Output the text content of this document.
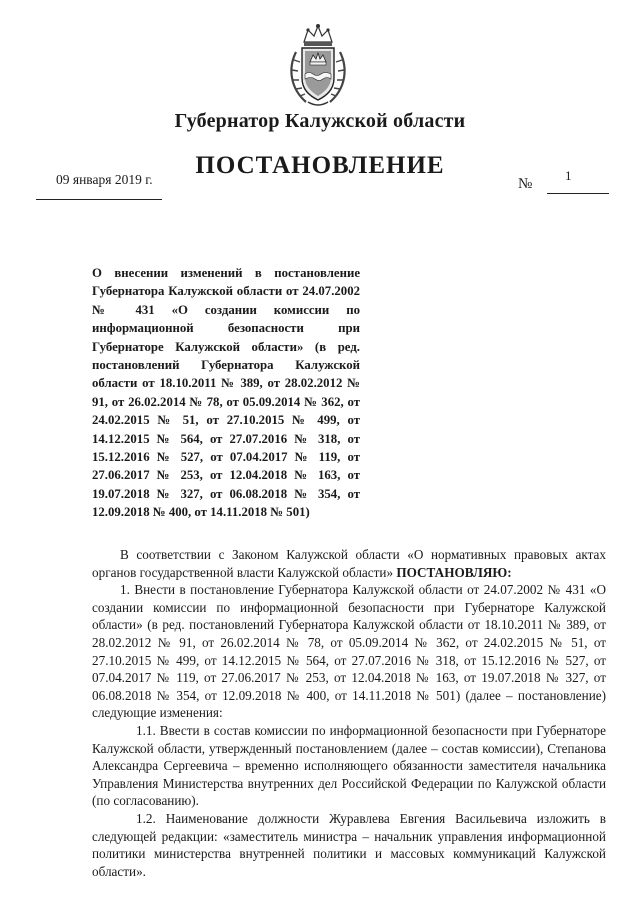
Губернатор Калужской области
ПОСТАНОВЛЕНИЕ
09 января 2019 г.	№
1
О внесении изменений в постановление Губернатора Калужской области от 24.07.2002 № 431 «О создании комиссии по информационной безопасности при Губернаторе Калужской области» (в ред. постановлений Губернатора Калужской области от 18.10.2011 № 389, от 28.02.2012 № 91, от 26.02.2014 № 78, от 05.09.2014 № 362, от 24.02.2015 № 51, от 27.10.2015 № 499, от 14.12.2015 № 564, от 27.07.2016 № 318, от 15.12.2016 № 527, от 07.04.2017 № 119, от 27.06.2017 № 253, от 12.04.2018 № 163, от 19.07.2018 № 327, от 06.08.2018 № 354, от 12.09.2018 № 400, от 14.11.2018 № 501)

В соответствии с Законом Калужской области «О нормативных правовых актах органов государственной власти Калужской области» ПОСТАНОВЛЯЮ:

1. Внести в постановление Губернатора Калужской области от 24.07.2002 № 431 «О создании комиссии по информационной безопасности при Губернаторе Калужской области» (в ред. постановлений Губернатора Калужской области от 18.10.2011 № 389, от 28.02.2012 № 91, от 26.02.2014 № 78, от 05.09.2014 № 362, от 24.02.2015 № 51, от 27.10.2015 № 499, от 14.12.2015 № 564, от 27.07.2016 № 318, от 15.12.2016 № 527, от 07.04.2017 № 119, от 27.06.2017 № 253, от 12.04.2018 № 163, от 19.07.2018 № 327, от 06.08.2018 № 354, от 12.09.2018 № 400, от 14.11.2018 № 501) (далее – постановление) следующие изменения:

1.1. Ввести в состав комиссии по информационной безопасности при Губернаторе Калужской области, утвержденный постановлением (далее – состав комиссии), Степанова Александра Сергеевича – временно исполняющего обязанности заместителя начальника Управления Министерства внутренних дел Российской Федерации по Калужской области (по согласованию).

1.2. Наименование должности Журавлева Евгения Васильевича изложить в следующей редакции: «заместитель министра – начальник управления информационной политики министерства внутренней политики и массовых коммуникаций Калужской области».
